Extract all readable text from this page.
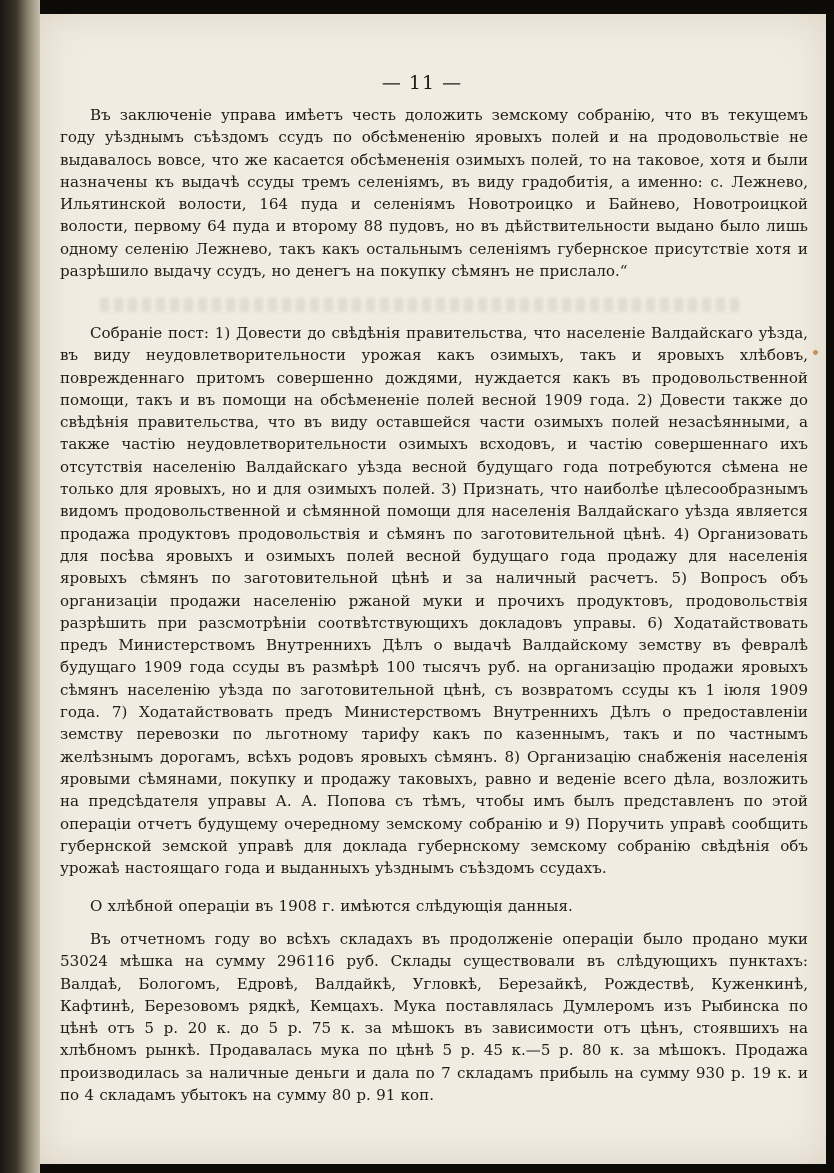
— 11 —

Въ заключеніе управа имѣетъ честь доложить земскому собранію, что въ текущемъ году уѣзднымъ съѣздомъ ссудъ по обсѣмененію яровыхъ полей и на продовольствіе не выдавалось вовсе, что же касается обсѣмененія озимыхъ полей, то на таковое, хотя и были назначены къ выдачѣ ссуды тремъ селеніямъ, въ виду градобитія, а именно: с. Лежнево, Ильятинской волости, 164 пуда и селеніямъ Новотроицко и Байнево, Новотроицкой волости, первому 64 пуда и второму 88 пудовъ, но въ дѣйствительности выдано было лишь одному селенію Лежнево, такъ какъ остальнымъ селеніямъ губернское присутствіе хотя и разрѣшило выдачу ссудъ, но денегъ на покупку сѣмянъ не прислало.“

Собраніе пост: 1) Довести до свѣдѣнія правительства, что населеніе Валдайскаго уѣзда, въ виду неудовлетворительности урожая какъ озимыхъ, такъ и яровыхъ хлѣбовъ, поврежденнаго притомъ совершенно дождями, нуждается какъ въ продовольственной помощи, такъ и въ помощи на обсѣмененіе полей весной 1909 года. 2) Довести также до свѣдѣнія правительства, что въ виду оставшейся части озимыхъ полей незасѣянными, а также частію неудовлетворительности озимыхъ всходовъ, и частію совершеннаго ихъ отсутствія населенію Валдайскаго уѣзда весной будущаго года потребуются сѣмена не только для яровыхъ, но и для озимыхъ полей. 3) Признать, что наиболѣе цѣлесообразнымъ видомъ продовольственной и сѣмянной помощи для населенія Валдайскаго уѣзда является продажа продуктовъ продовольствія и сѣмянъ по заготовительной цѣнѣ. 4) Организовать для посѣва яровыхъ и озимыхъ полей весной будущаго года продажу для населенія яровыхъ сѣмянъ по заготовительной цѣнѣ и за наличный расчетъ. 5) Вопросъ объ организаціи продажи населенію ржаной муки и прочихъ продуктовъ, продовольствія разрѣшить при разсмотрѣніи соотвѣтствующихъ докладовъ управы. 6) Ходатайствовать предъ Министерствомъ Внутреннихъ Дѣлъ о выдачѣ Валдайскому земству въ февралѣ будущаго 1909 года ссуды въ размѣрѣ 100 тысячъ руб. на организацію продажи яровыхъ сѣмянъ населенію уѣзда по заготовительной цѣнѣ, съ возвратомъ ссуды къ 1 іюля 1909 года. 7) Ходатайствовать предъ Министерствомъ Внутреннихъ Дѣлъ о предоставленіи земству перевозки по льготному тарифу какъ по казеннымъ, такъ и по частнымъ желѣзнымъ дорогамъ, всѣхъ родовъ яровыхъ сѣмянъ. 8) Организацію снабженія населенія яровыми сѣмянами, покупку и продажу таковыхъ, равно и веденіе всего дѣла, возложить на предсѣдателя управы А. А. Попова съ тѣмъ, чтобы имъ былъ представленъ по этой операціи отчетъ будущему очередному земскому собранію и 9) Поручить управѣ сообщить губернской земской управѣ для доклада губернскому земскому собранію свѣдѣнія объ урожаѣ настоящаго года и выданныхъ уѣзднымъ съѣздомъ ссудахъ.

О хлѣбной операціи въ 1908 г. имѣются слѣдующія данныя.

Въ отчетномъ году во всѣхъ складахъ въ продолженіе операціи было продано муки 53024 мѣшка на сумму 296116 руб. Склады существовали въ слѣдующихъ пунктахъ: Валдаѣ, Бологомъ, Едровѣ, Валдайкѣ, Угловкѣ, Березайкѣ, Рождествѣ, Куженкинѣ, Кафтинѣ, Березовомъ рядкѣ, Кемцахъ. Мука поставлялась Думлеромъ изъ Рыбинска по цѣнѣ отъ 5 р. 20 к. до 5 р. 75 к. за мѣшокъ въ зависимости отъ цѣнъ, стоявшихъ на хлѣбномъ рынкѣ. Продавалась мука по цѣнѣ 5 р. 45 к.—5 р. 80 к. за мѣшокъ. Продажа производилась за наличные деньги и дала по 7 складамъ прибыль на сумму 930 р. 19 к. и по 4 складамъ убытокъ на сумму 80 р. 91 коп.
